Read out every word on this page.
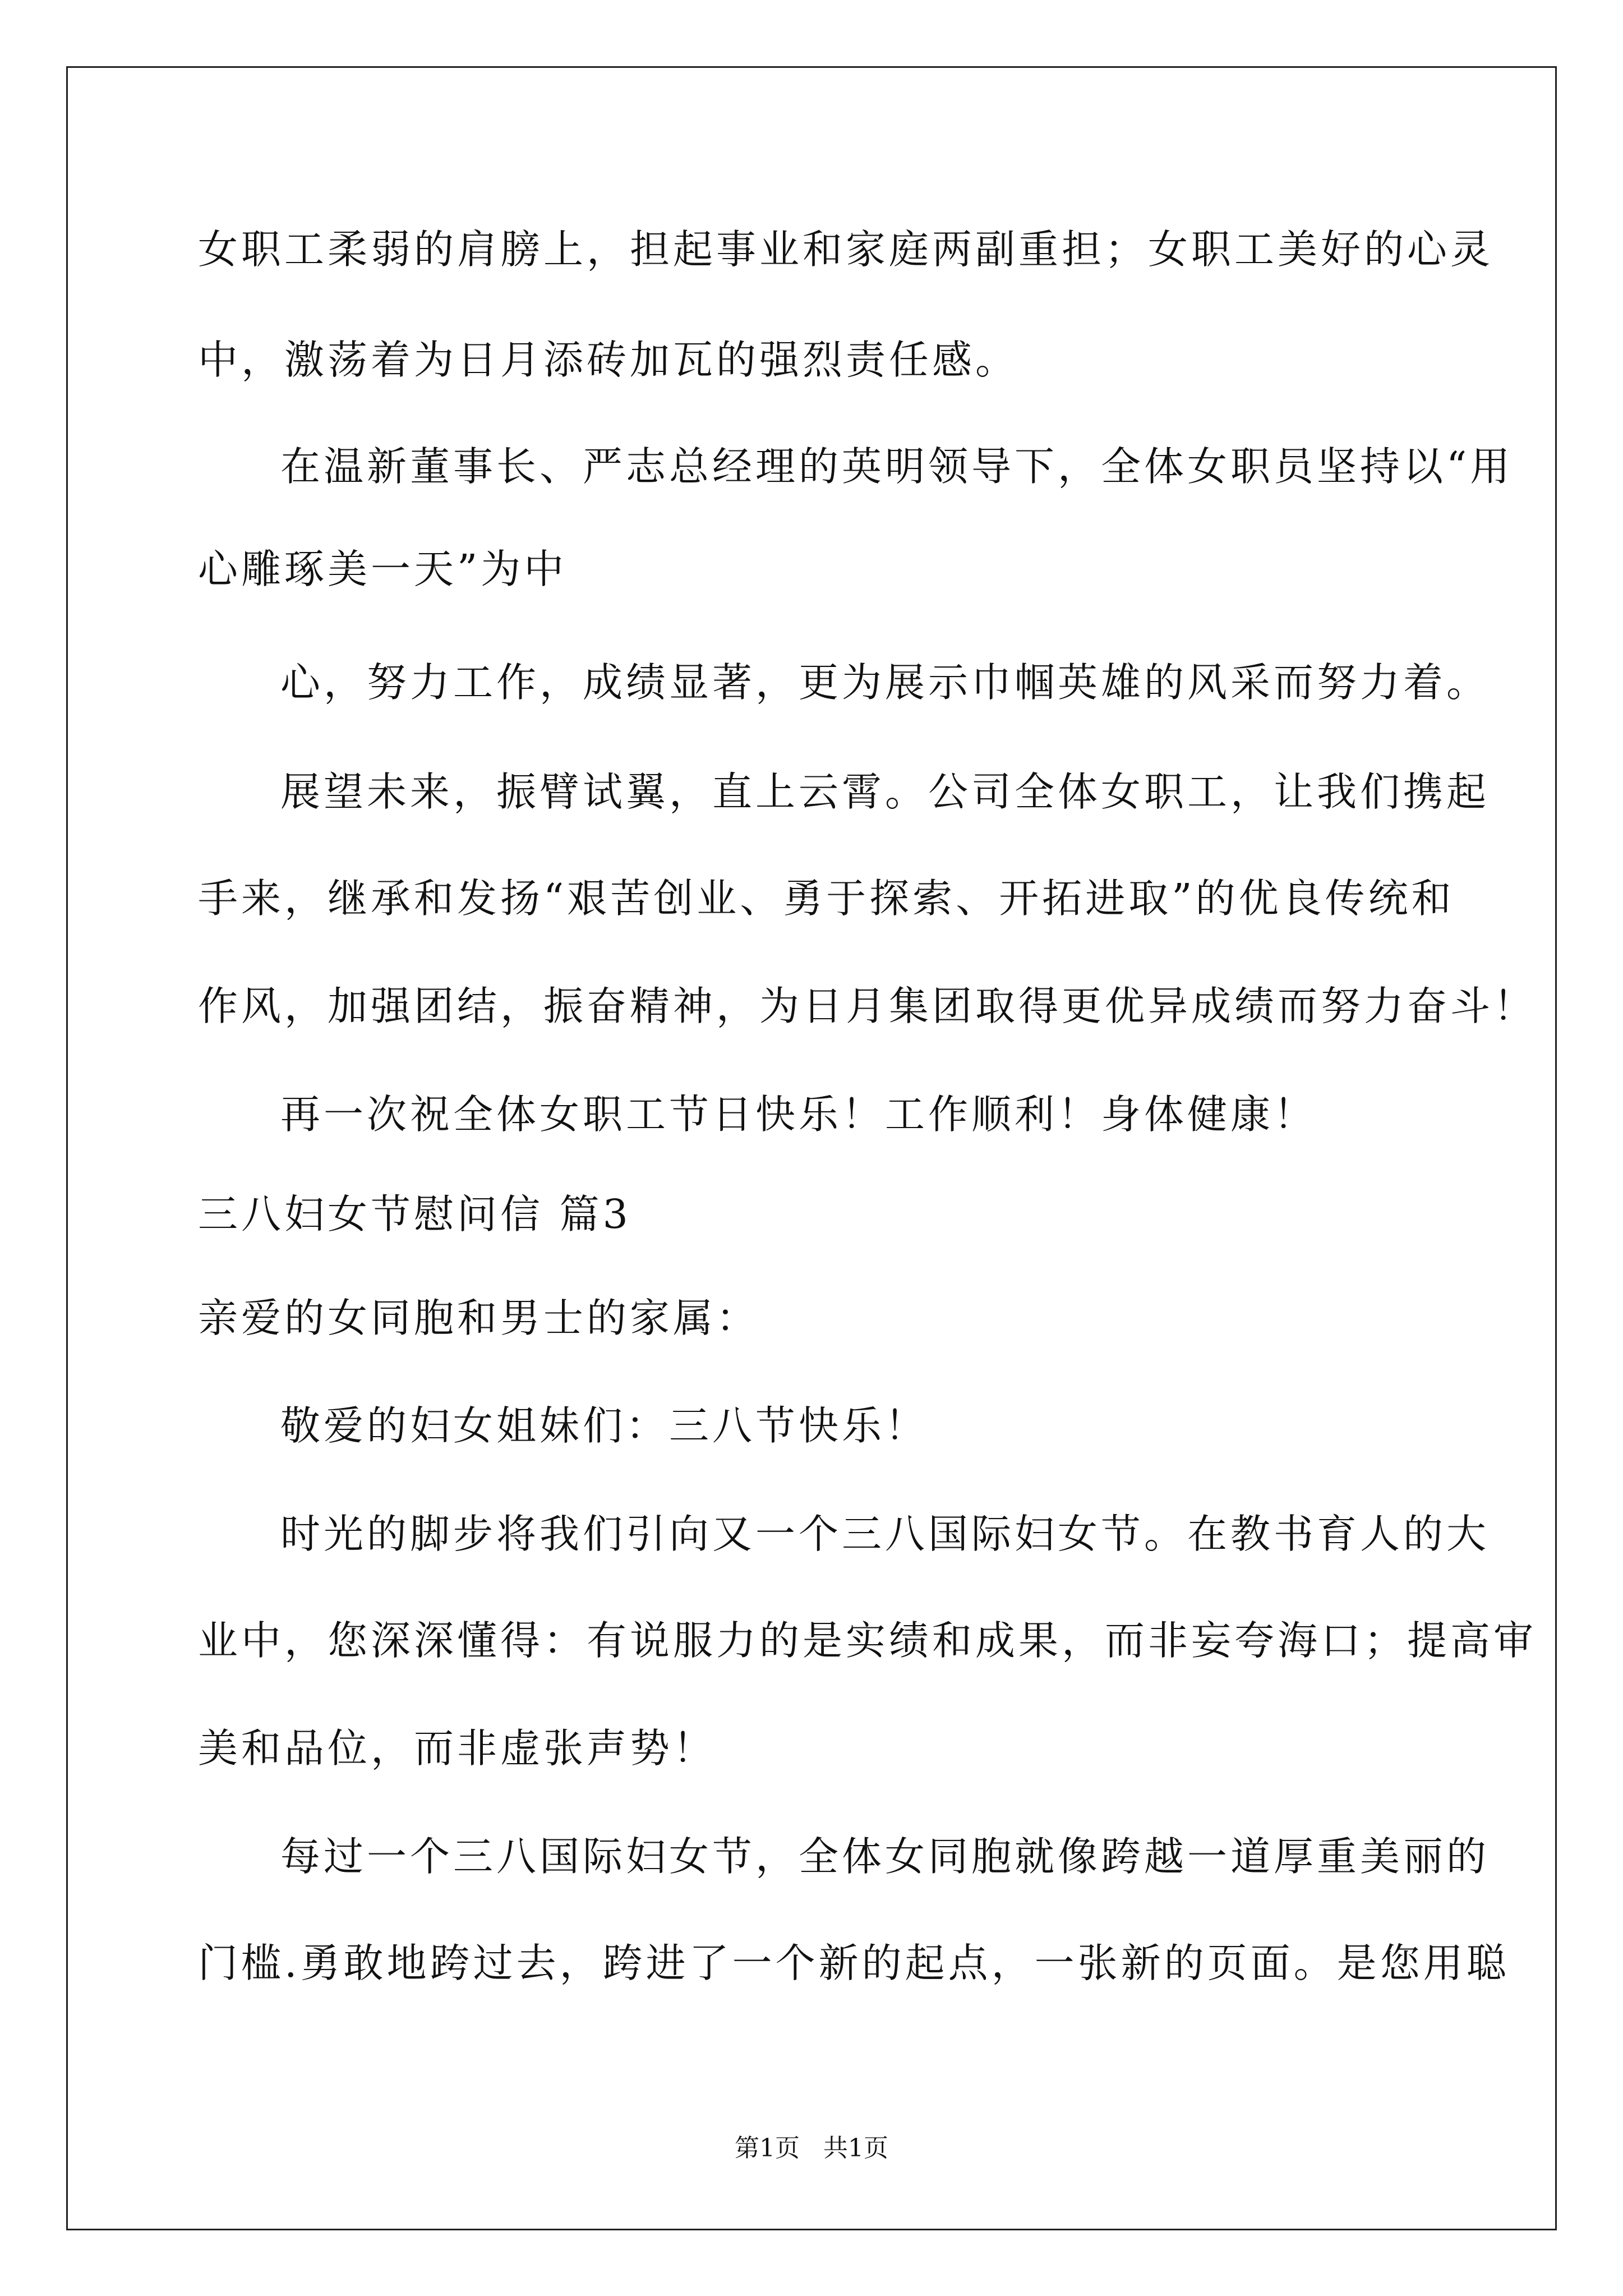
女职工柔弱的肩膀上，担起事业和家庭两副重担；女职工美好的心灵
中，激荡着为日月添砖加瓦的强烈责任感。
在温新董事长、严志总经理的英明领导下，全体女职员坚持以“用
心雕琢美一天”为中
心，努力工作，成绩显著，更为展示巾帼英雄的风采而努力着。
展望未来，振臂试翼，直上云霄。公司全体女职工，让我们携起
手来，继承和发扬“艰苦创业、勇于探索、开拓进取”的优良传统和
作风，加强团结，振奋精神，为日月集团取得更优异成绩而努力奋斗！
再一次祝全体女职工节日快乐！工作顺利！身体健康！
三八妇女节慰问信 篇3
亲爱的女同胞和男士的家属：
敬爱的妇女姐妹们：三八节快乐！
时光的脚步将我们引向又一个三八国际妇女节。在教书育人的大
业中，您深深懂得：有说服力的是实绩和成果，而非妄夸海口；提高审
美和品位，而非虚张声势！
每过一个三八国际妇女节，全体女同胞就像跨越一道厚重美丽的
门槛.勇敢地跨过去，跨进了一个新的起点，一张新的页面。是您用聪
第1页   共1页
